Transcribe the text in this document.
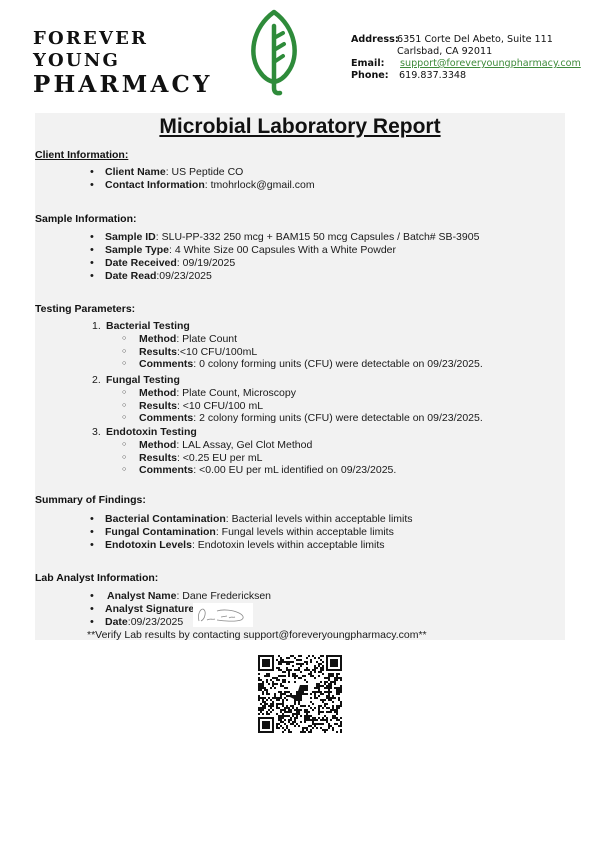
FOREVER YOUNG
PHARMACY
Address:
6351 Corte Del Abeto, Suite 111
Carlsbad, CA 92011
Email:	support@foreveryoungpharmacy.com
Phone:	619.837.3348
Microbial Laboratory Report
Client Information:
• Client Name: US Peptide CO
• Contact Information: tmohrlock@gmail.com
Sample Information:
• Sample ID: SLU-PP-332 250 mcg + BAM15 50 mcg Capsules / Batch# SB-3905
• Sample Type: 4 White Size 00 Capsules With a White Powder
• Date Received: 09/19/2025
• Date Read:09/23/2025
Testing Parameters:
1. Bacterial Testing
○ Method: Plate Count
○ Results:<10 CFU/100mL
○ Comments: 0 colony forming units (CFU) were detectable on 09/23/2025.
2. Fungal Testing
○ Method: Plate Count, Microscopy
○ Results: <10 CFU/100 mL
○ Comments: 2 colony forming units (CFU) were detectable on 09/23/2025.
3. Endotoxin Testing
○ Method: LAL Assay, Gel Clot Method
○ Results: <0.25 EU per mL
○ Comments: <0.00 EU per mL identified on 09/23/2025.
Summary of Findings:
• Bacterial Contamination: Bacterial levels within acceptable limits
• Fungal Contamination: Fungal levels within acceptable limits
• Endotoxin Levels: Endotoxin levels within acceptable limits
Lab Analyst Information:
• Analyst Name: Dane Fredericksen
• Analyst Signature:
• Date:09/23/2025
**Verify Lab results by contacting support@foreveryoungpharmacy.com**
